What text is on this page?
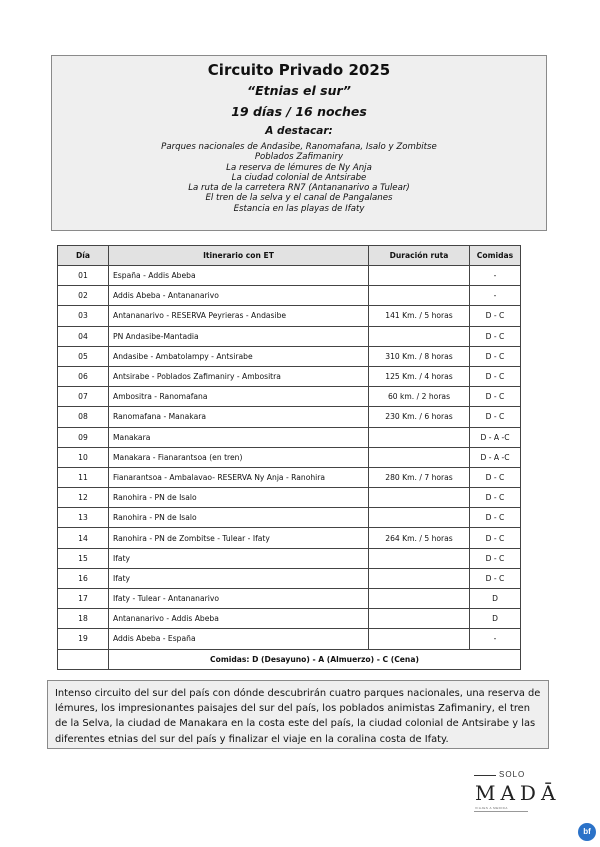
Circuito Privado 2025
“Etnias el sur”
19 días / 16 noches
A destacar:
Parques nacionales de Andasibe, Ranomafana, Isalo y Zombitse
Poblados Zafimaniry
La reserva de lémures de Ny Anja
La ciudad colonial de Antsirabe
La ruta de la carretera RN7 (Antananarivo a Tulear)
El tren de la selva y el canal de Pangalanes
Estancia en las playas de Ifaty
Día	Itinerario con ET	Duración ruta	Comidas
01	España - Addis Abeba		-
02	Addis Abeba - Antananarivo		-
03	Antananarivo - RESERVA Peyrieras - Andasibe	141 Km. / 5 horas	D - C
04	PN Andasibe-Mantadia		D - C
05	Andasibe - Ambatolampy - Antsirabe	310 Km. / 8 horas	D - C
06	Antsirabe - Poblados Zafimaniry - Ambositra	125 Km. / 4 horas	D - C
07	Ambositra - Ranomafana	60 km. / 2 horas	D - C
08	Ranomafana - Manakara	230 Km. / 6 horas	D - C
09	Manakara		D - A -C
10	Manakara - Fianarantsoa (en tren)		D - A -C
11	Fianarantsoa - Ambalavao- RESERVA Ny Anja - Ranohira	280 Km. / 7 horas	D - C
12	Ranohira - PN de Isalo		D - C
13	Ranohira - PN de Isalo		D - C
14	Ranohira - PN de Zombitse - Tulear - Ifaty	264 Km. / 5 horas	D - C
15	Ifaty		D - C
16	Ifaty		D - C
17	Ifaty - Tulear - Antananarivo		D
18	Antananarivo - Addis Abeba		D
19	Addis Abeba - España		-
	Comidas: D (Desayuno) - A (Almuerzo) - C (Cena)		
Intenso circuito del sur del país con dónde descubrirán cuatro parques nacionales, una reserva de lémures, los impresionantes paisajes del sur del país, los poblados animistas Zafimaniry, el tren de la Selva, la ciudad de Manakara en la costa este del país, la ciudad colonial de Antsirabe y las diferentes etnias del sur del país y finalizar el viaje en la coralina costa de Ifaty.
SOLO
MADĀ
VIAJES A MEDIDA
bf
